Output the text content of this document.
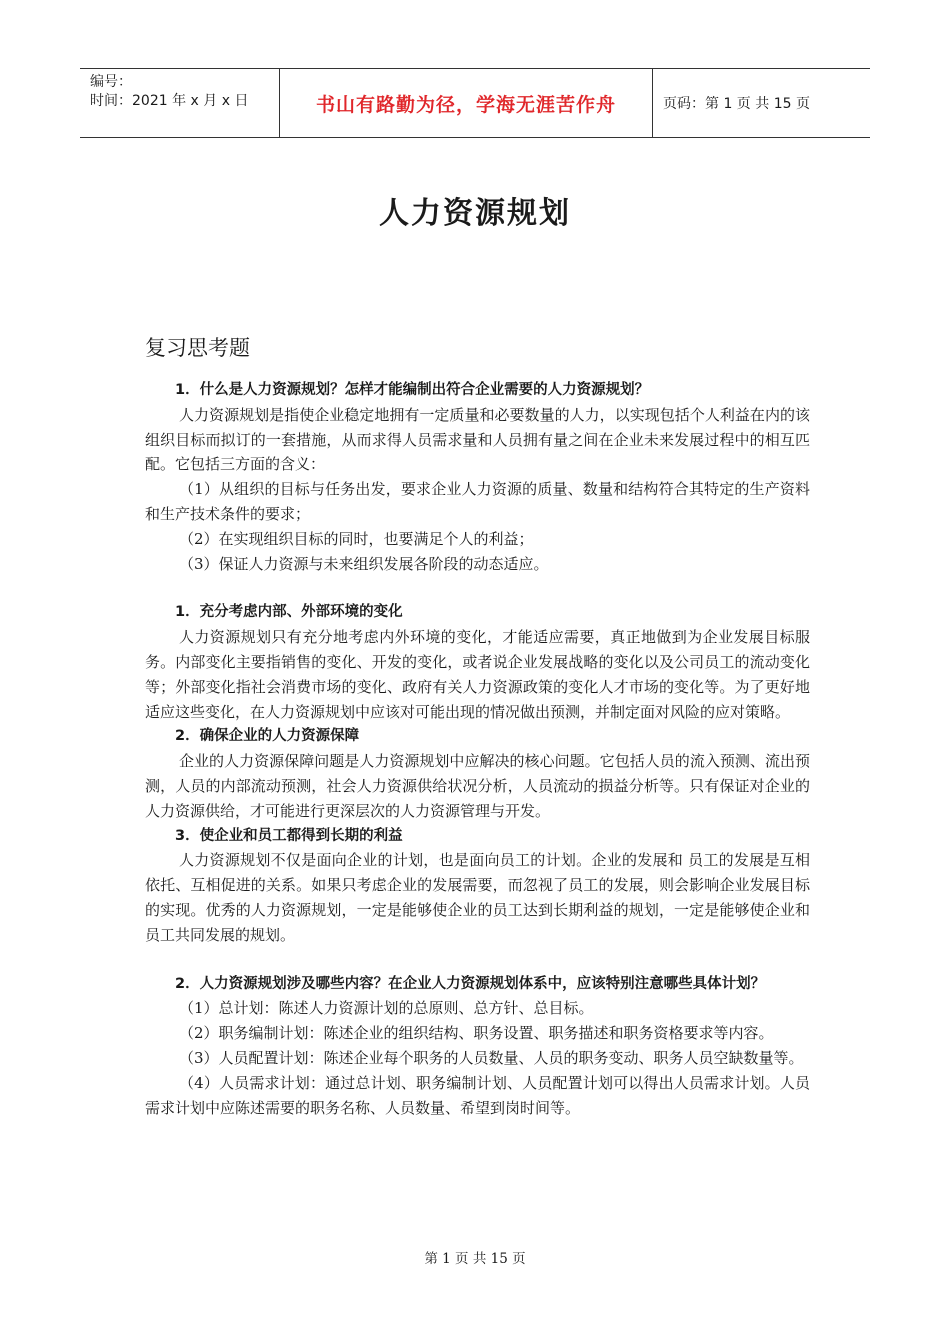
编号：
时间：2021 年 x 月 x 日	书山有路勤为径，学海无涯苦作舟	页码：第 1 页 共 15 页
人力资源规划
复习思考题

1．什么是人力资源规划？怎样才能编制出符合企业需要的人力资源规划？

人力资源规划是指使企业稳定地拥有一定质量和必要数量的人力，以实现包括个人利益在内的该组织目标而拟订的一套措施，从而求得人员需求量和人员拥有量之间在企业未来发展过程中的相互匹配。它包括三方面的含义：

（1）从组织的目标与任务出发，要求企业人力资源的质量、数量和结构符合其特定的生产资料和生产技术条件的要求；

（2）在实现组织目标的同时，也要满足个人的利益；

（3）保证人力资源与未来组织发展各阶段的动态适应。

1．充分考虑内部、外部环境的变化

人力资源规划只有充分地考虑内外环境的变化，才能适应需要，真正地做到为企业发展目标服务。内部变化主要指销售的变化、开发的变化，或者说企业发展战略的变化以及公司员工的流动变化等；外部变化指社会消费市场的变化、政府有关人力资源政策的变化人才市场的变化等。为了更好地适应这些变化，在人力资源规划中应该对可能出现的情况做出预测，并制定面对风险的应对策略。

2．确保企业的人力资源保障

企业的人力资源保障问题是人力资源规划中应解决的核心问题。它包括人员的流入预测、流出预测，人员的内部流动预测，社会人力资源供给状况分析，人员流动的损益分析等。只有保证对企业的人力资源供给，才可能进行更深层次的人力资源管理与开发。

3．使企业和员工都得到长期的利益

人力资源规划不仅是面向企业的计划，也是面向员工的计划。企业的发展和 员工的发展是互相依托、互相促进的关系。如果只考虑企业的发展需要，而忽视了员工的发展，则会影响企业发展目标的实现。优秀的人力资源规划，一定是能够使企业的员工达到长期利益的规划，一定是能够使企业和员工共同发展的规划。

2．人力资源规划涉及哪些内容？在企业人力资源规划体系中，应该特别注意哪些具体计划？

（1）总计划：陈述人力资源计划的总原则、总方针、总目标。

（2）职务编制计划：陈述企业的组织结构、职务设置、职务描述和职务资格要求等内容。

（3）人员配置计划：陈述企业每个职务的人员数量、人员的职务变动、职务人员空缺数量等。

（4）人员需求计划：通过总计划、职务编制计划、人员配置计划可以得出人员需求计划。人员需求计划中应陈述需要的职务名称、人员数量、希望到岗时间等。

第 1 页 共 15 页
